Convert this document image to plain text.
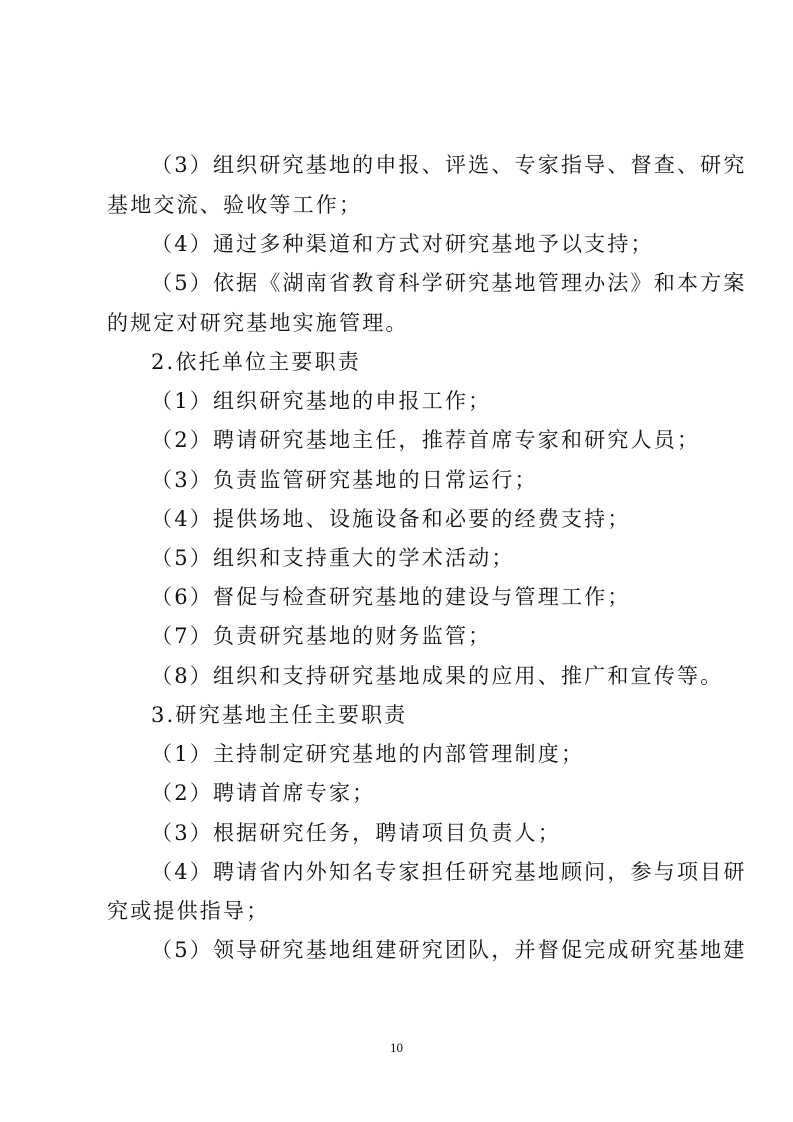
（3）组织研究基地的申报、评选、专家指导、督查、研究
基地交流、验收等工作；
（4）通过多种渠道和方式对研究基地予以支持；
（5）依据《湖南省教育科学研究基地管理办法》和本方案
的规定对研究基地实施管理。
2.依托单位主要职责
（1）组织研究基地的申报工作；
（2）聘请研究基地主任，推荐首席专家和研究人员；
（3）负责监管研究基地的日常运行；
（4）提供场地、设施设备和必要的经费支持；
（5）组织和支持重大的学术活动；
（6）督促与检查研究基地的建设与管理工作；
（7）负责研究基地的财务监管；
（8）组织和支持研究基地成果的应用、推广和宣传等。
3.研究基地主任主要职责
（1）主持制定研究基地的内部管理制度；
（2）聘请首席专家；
（3）根据研究任务，聘请项目负责人；
（4）聘请省内外知名专家担任研究基地顾问，参与项目研
究或提供指导；
（5）领导研究基地组建研究团队，并督促完成研究基地建
10
